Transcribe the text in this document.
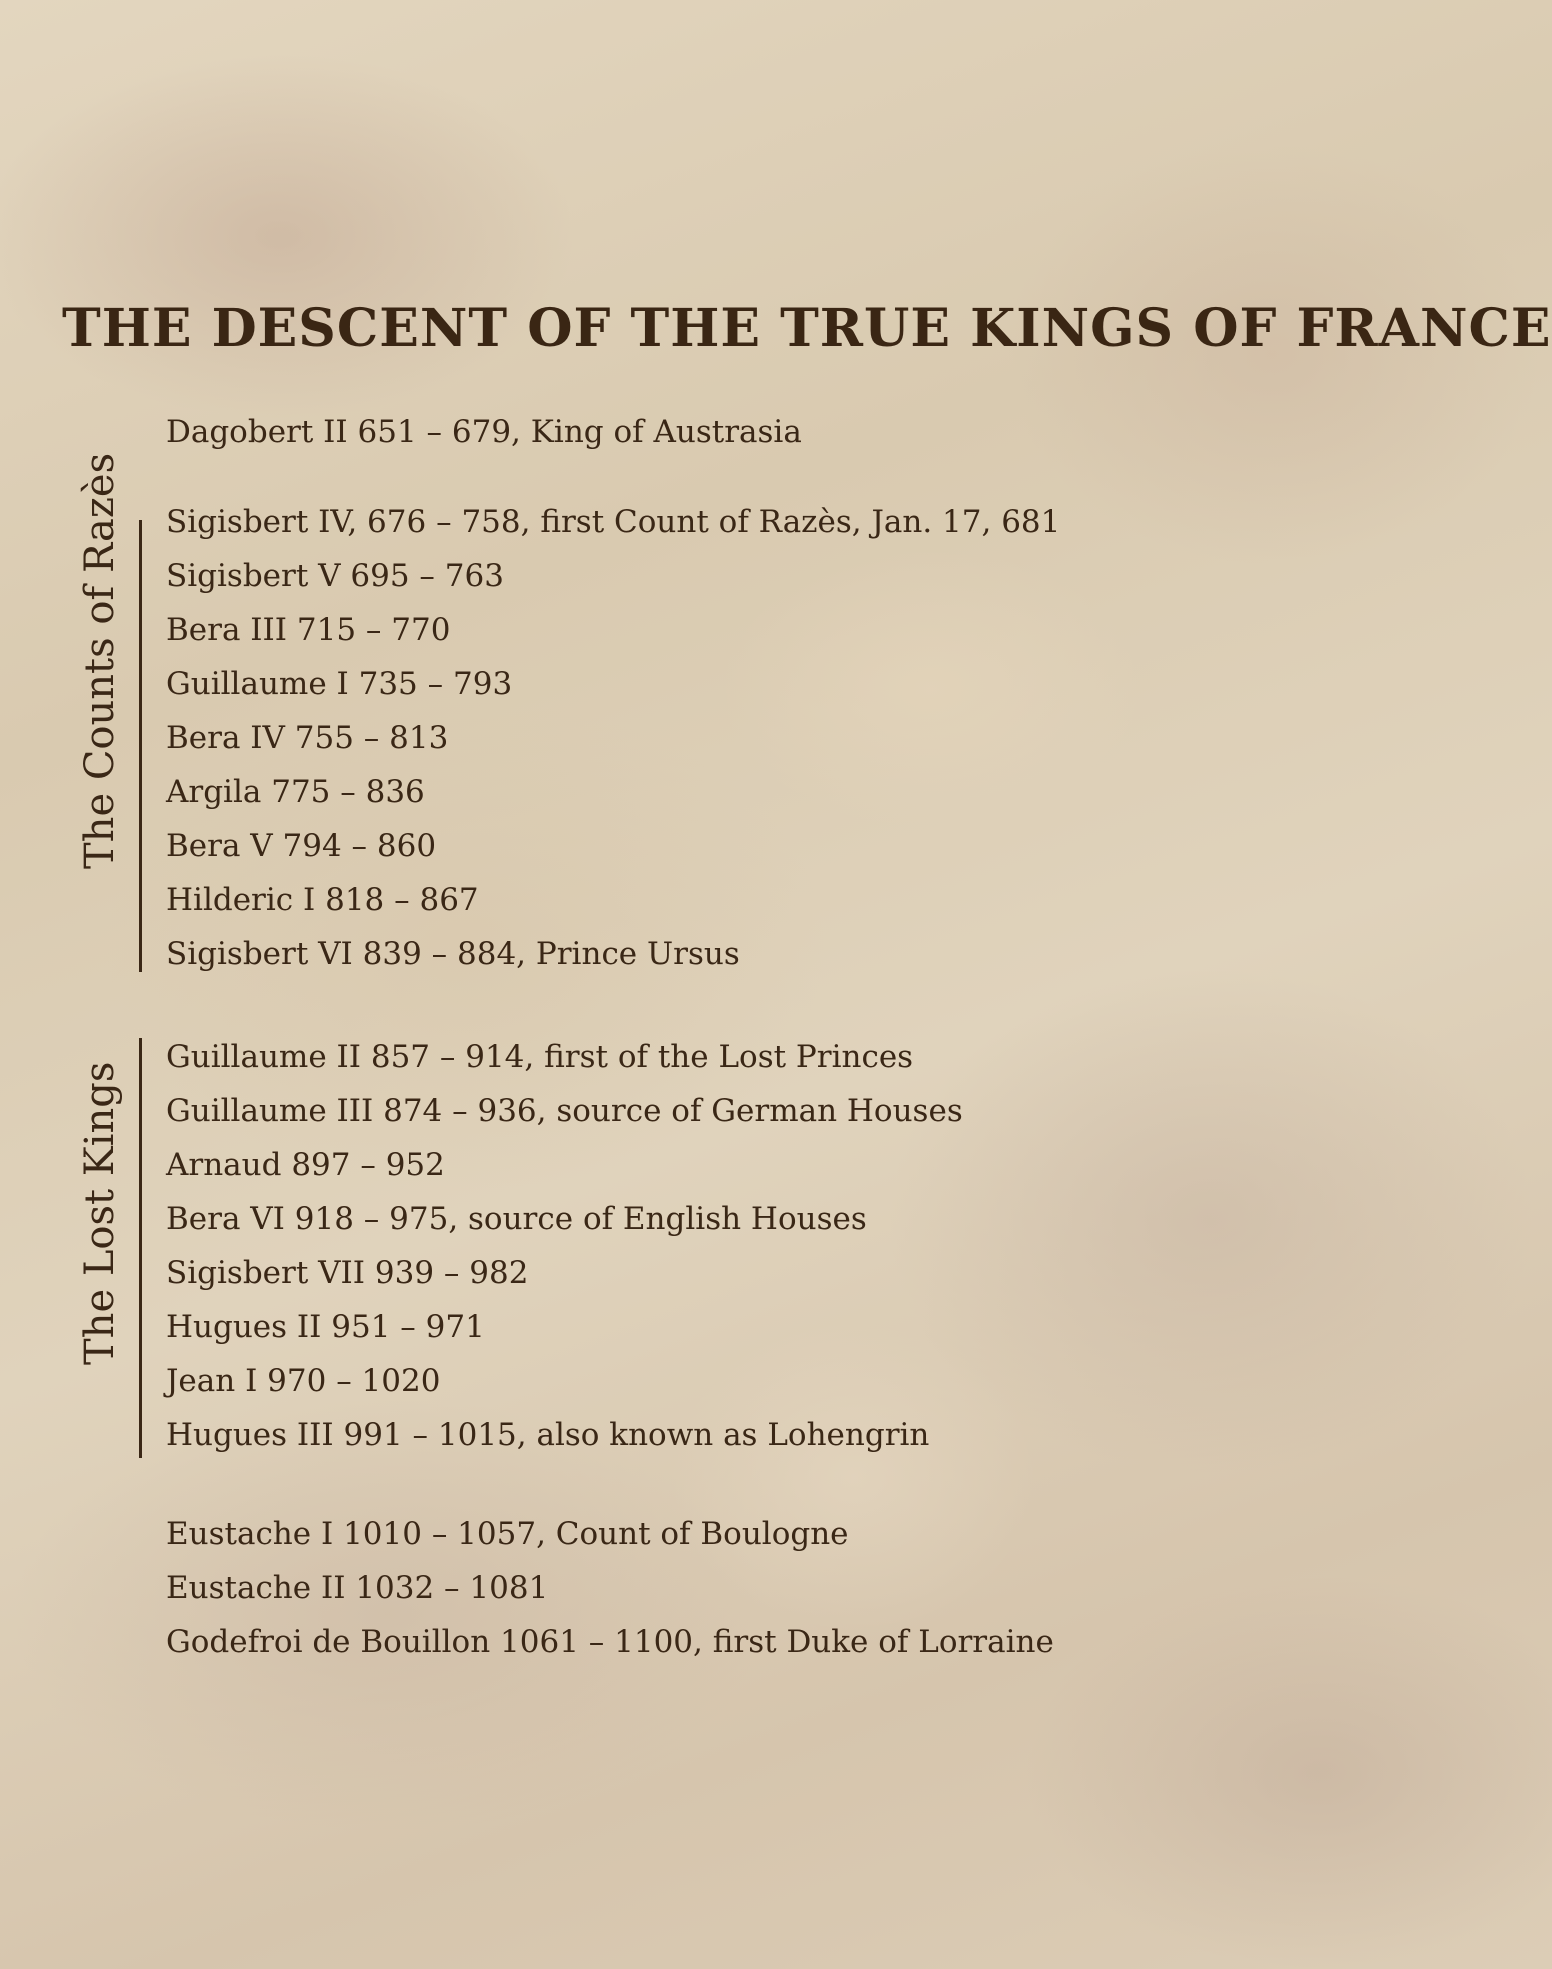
THE DESCENT OF THE TRUE KINGS OF FRANCE

Dagobert II 651 – 679, King of Austrasia

The Counts of Razès Sigisbert IV, 676 – 758, first Count of Razès, Jan. 17, 681

Sigisbert V 695 – 763

Bera III 715 – 770

Guillaume I 735 – 793

Bera IV 755 – 813

Argila 775 – 836

Bera V 794 – 860

Hilderic I 818 – 867

Sigisbert VI 839 – 884, Prince Ursus

The Lost Kings

Guillaume II 857 – 914, first of the Lost Princes

Guillaume III 874 – 936, source of German Houses

Arnaud 897 – 952

Bera VI 918 – 975, source of English Houses

Sigisbert VII 939 – 982

Hugues II 951 – 971

Jean I 970 – 1020

Hugues III 991 – 1015, also known as Lohengrin

Eustache I 1010 – 1057, Count of Boulogne

Eustache II 1032 – 1081

Godefroi de Bouillon 1061 – 1100, first Duke of Lorraine
